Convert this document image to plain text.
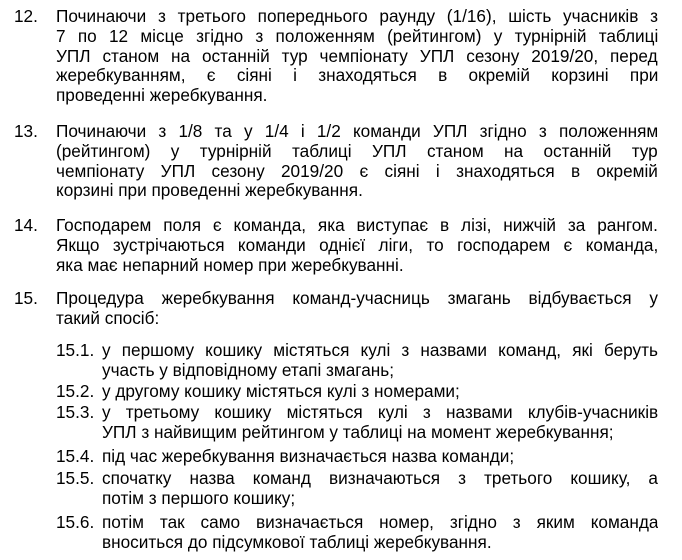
12. Починаючи з третього попереднього раунду (1/16), шість учасників з
7 по 12 місце згідно з положенням (рейтингом) у турнірній таблиці
УПЛ станом на останній тур чемпіонату УПЛ сезону 2019/20, перед
жеребкуванням, є сіяні і знаходяться в окремій корзині при
проведенні жеребкування.
13. Починаючи з 1/8 та у 1/4 і 1/2 команди УПЛ згідно з положенням
(рейтингом) у турнірній таблиці УПЛ станом на останній тур
чемпіонату УПЛ сезону 2019/20 є сіяні і знаходяться в окремій
корзині при проведенні жеребкування.
14. Господарем поля є команда, яка виступає в лізі, нижчій за рангом.
Якщо зустрічаються команди однієї ліги, то господарем є команда,
яка має непарний номер при жеребкуванні.
15. Процедура жеребкування команд-учасниць змагань відбувається у
такий спосіб:
15.1. у першому кошику містяться кулі з назвами команд, які беруть
участь у відповідному етапі змагань;
15.2. у другому кошику містяться кулі з номерами;
15.3. у третьому кошику містяться кулі з назвами клубів-учасників
УПЛ з найвищим рейтингом у таблиці на момент жеребкування;
15.4. під час жеребкування визначається назва команди;
15.5. спочатку назва команд визначаються з третього кошику, а
потім з першого кошику;
15.6. потім так само визначається номер, згідно з яким команда
вноситься до підсумкової таблиці жеребкування.
